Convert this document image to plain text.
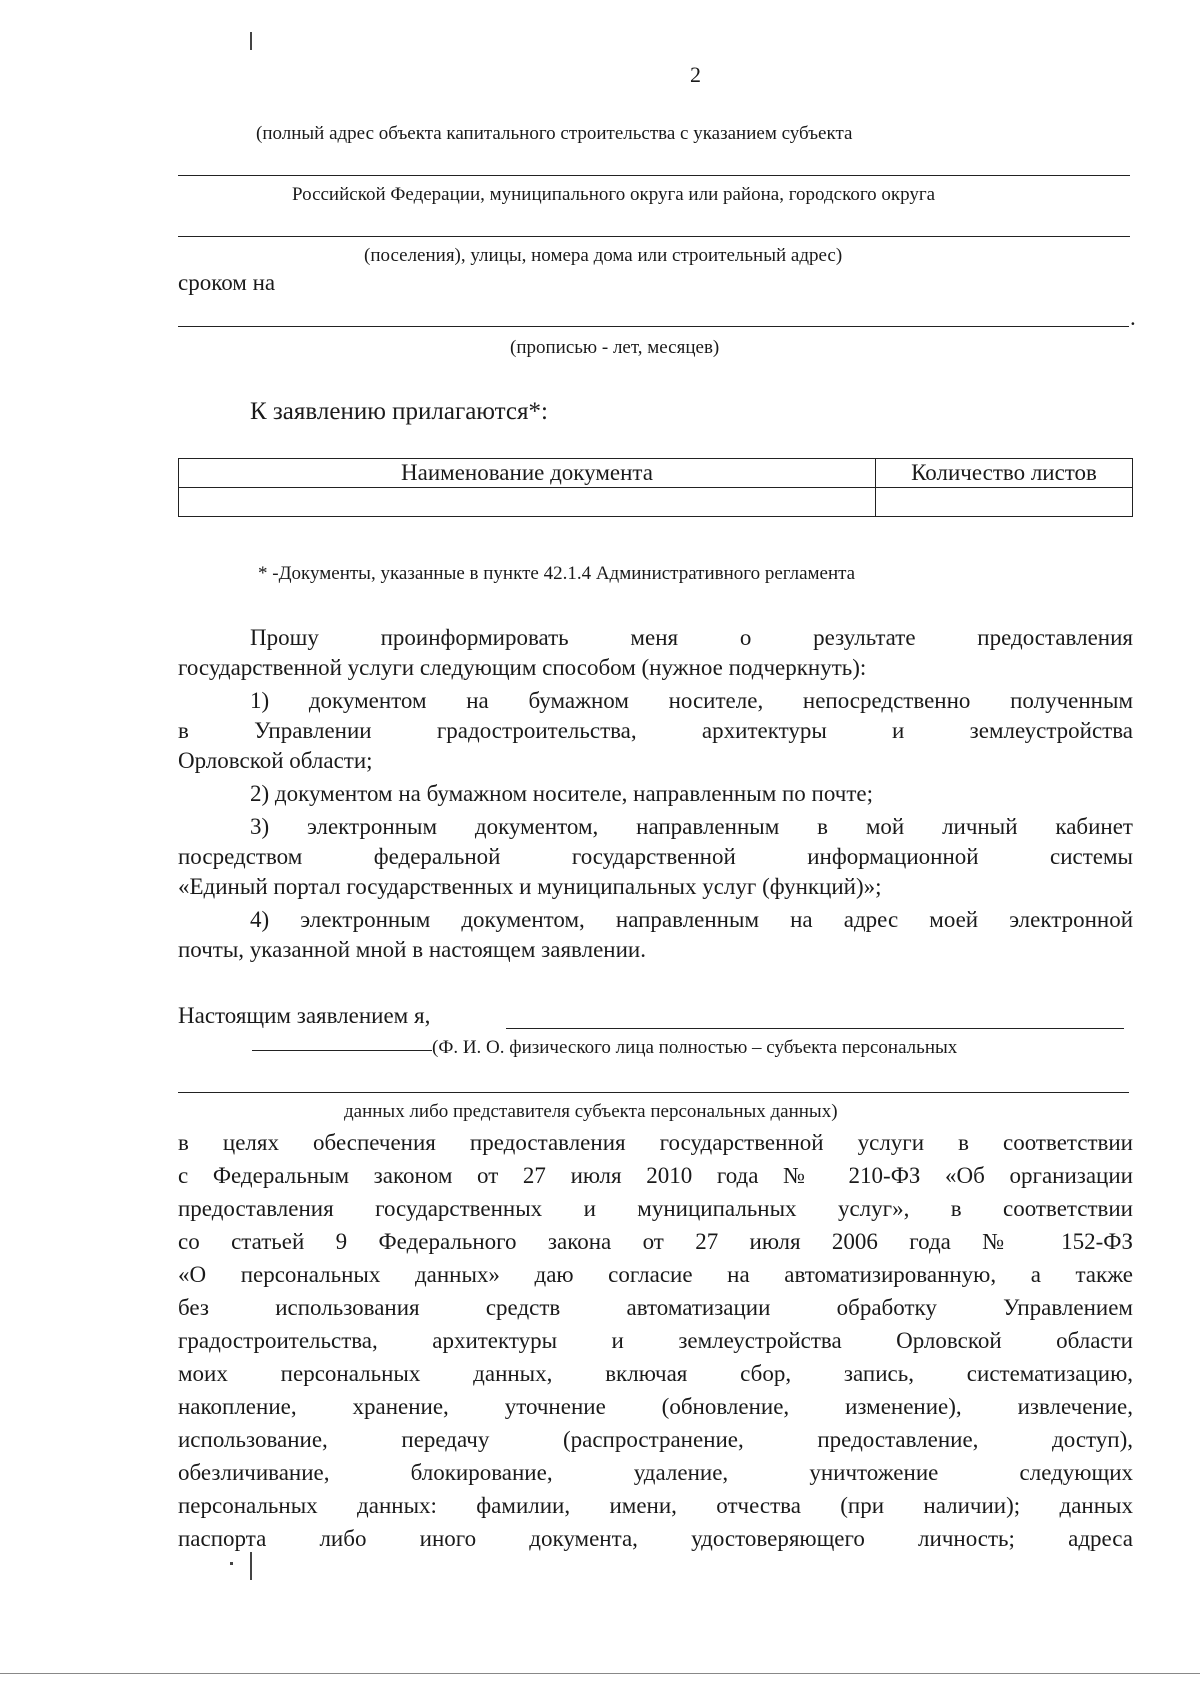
2
(полный адрес объекта капитального строительства с указанием субъекта
Российской Федерации, муниципального округа или района, городского округа
(поселения), улицы, номера дома или строительный адрес)
сроком на
.
(прописью - лет, месяцев)
К заявлению прилагаются*:
Наименование документа	Количество листов

* -Документы, указанные в пункте 42.1.4 Административного регламента
Прошу проинформировать меня о результате предоставления
государственной услуги следующим способом (нужное подчеркнуть):
1) документом на бумажном носителе, непосредственно полученным
в Управлении градостроительства, архитектуры и землеустройства
Орловской области;
2) документом на бумажном носителе, направленным по почте;
3) электронным документом, направленным в мой личный кабинет
посредством федеральной государственной информационной системы
«Единый портал государственных и муниципальных услуг (функций)»;
4) электронным документом, направленным на адрес моей электронной
почты, указанной мной в настоящем заявлении.
Настоящим заявлением я,
(Ф. И. О. физического лица полностью – субъекта персональных
данных либо представителя субъекта персональных данных)
в целях обеспечения предоставления государственной услуги в соответствии
с Федеральным законом от 27 июля 2010 года № 210-ФЗ «Об организации
предоставления государственных и муниципальных услуг», в соответствии
со статьей 9 Федерального закона от 27 июля 2006 года № 152-ФЗ
«О персональных данных» даю согласие на автоматизированную, а также
без использования средств автоматизации обработку Управлением
градостроительства, архитектуры и землеустройства Орловской области
моих персональных данных, включая сбор, запись, систематизацию,
накопление, хранение, уточнение (обновление, изменение), извлечение,
использование, передачу (распространение, предоставление, доступ),
обезличивание, блокирование, удаление, уничтожение следующих
персональных данных: фамилии, имени, отчества (при наличии); данных
паспорта либо иного документа, удостоверяющего личность; адреса
